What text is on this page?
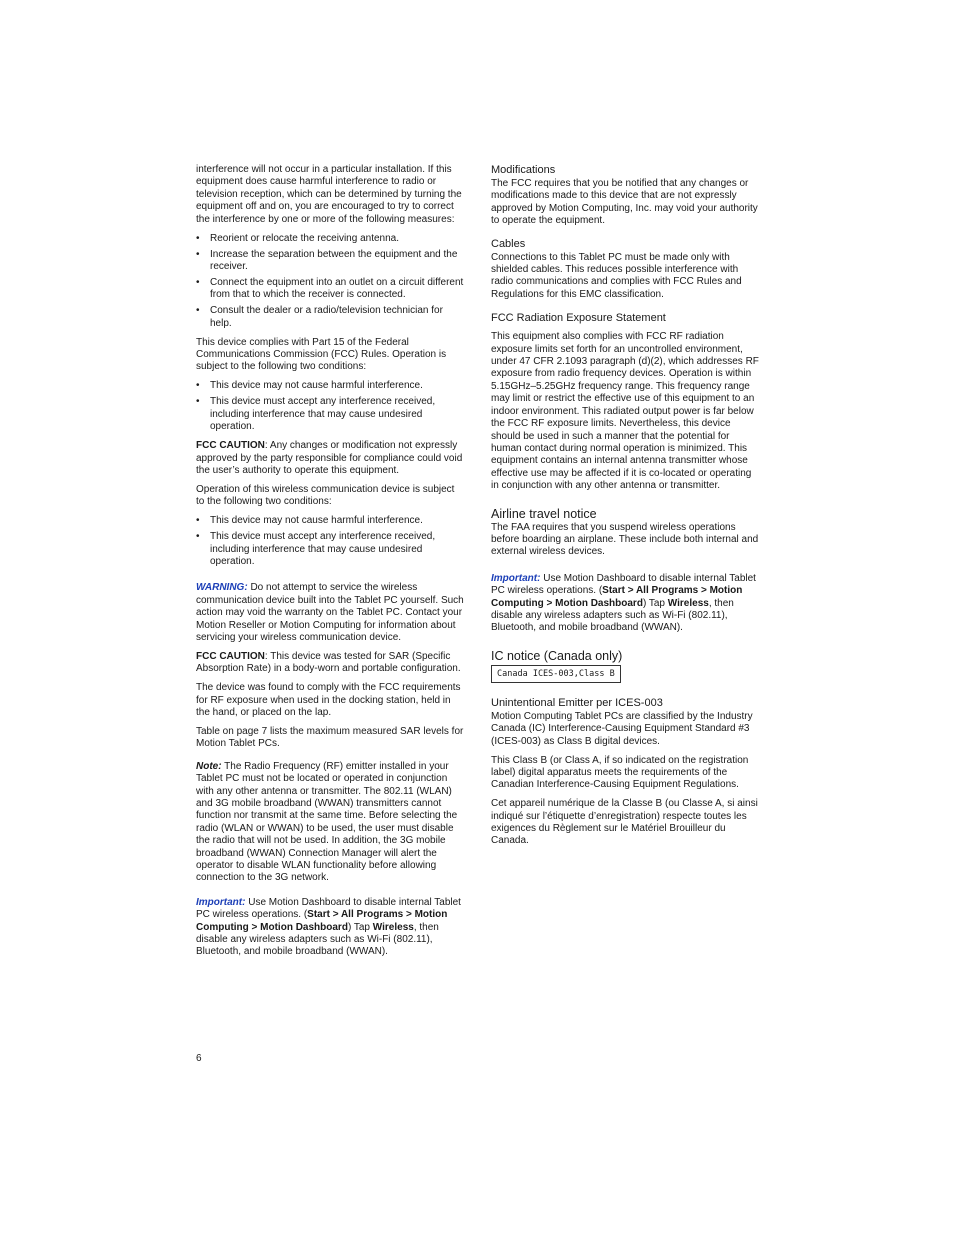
interference will not occur in a particular installation. If this equipment does cause harmful interference to radio or television reception, which can be determined by turning the equipment off and on, you are encouraged to try to correct the interference by one or more of the following measures:

• Reorient or relocate the receiving antenna.
• Increase the separation between the equipment and the receiver.
• Connect the equipment into an outlet on a circuit different from that to which the receiver is connected.
• Consult the dealer or a radio/television technician for help.

This device complies with Part 15 of the Federal Communications Commission (FCC) Rules. Operation is subject to the following two conditions:

• This device may not cause harmful interference.
• This device must accept any interference received, including interference that may cause undesired operation.

FCC CAUTION: Any changes or modification not expressly approved by the party responsible for compliance could void the user’s authority to operate this equipment.

Operation of this wireless communication device is subject to the following two conditions:

• This device may not cause harmful interference.
• This device must accept any interference received, including interference that may cause undesired operation.

WARNING: Do not attempt to service the wireless communication device built into the Tablet PC yourself. Such action may void the warranty on the Tablet PC. Contact your Motion Reseller or Motion Computing for information about servicing your wireless communication device.

FCC CAUTION: This device was tested for SAR (Specific Absorption Rate) in a body-worn and portable configuration.

The device was found to comply with the FCC requirements for RF exposure when used in the docking station, held in the hand, or placed on the lap.

Table on page 7 lists the maximum measured SAR levels for Motion Tablet PCs.

Note: The Radio Frequency (RF) emitter installed in your Tablet PC must not be located or operated in conjunction with any other antenna or transmitter. The 802.11 (WLAN) and 3G mobile broadband (WWAN) transmitters cannot function nor transmit at the same time. Before selecting the radio (WLAN or WWAN) to be used, the user must disable the radio that will not be used. In addition, the 3G mobile broadband (WWAN) Connection Manager will alert the operator to disable WLAN functionality before allowing connection to the 3G network.

Important: Use Motion Dashboard to disable internal Tablet PC wireless operations. (Start > All Programs > Motion Computing > Motion Dashboard) Tap Wireless, then disable any wireless adapters such as Wi-Fi (802.11), Bluetooth, and mobile broadband (WWAN).

Modifications

The FCC requires that you be notified that any changes or modifications made to this device that are not expressly approved by Motion Computing, Inc. may void your authority to operate the equipment.

Cables

Connections to this Tablet PC must be made only with shielded cables. This reduces possible interference with radio communications and complies with FCC Rules and Regulations for this EMC classification.

FCC Radiation Exposure Statement

This equipment also complies with FCC RF radiation exposure limits set forth for an uncontrolled environment, under 47 CFR 2.1093 paragraph (d)(2), which addresses RF exposure from radio frequency devices. Operation is within 5.15GHz–5.25GHz frequency range. This frequency range may limit or restrict the effective use of this equipment to an indoor environment. This radiated output power is far below the FCC RF exposure limits. Nevertheless, this device should be used in such a manner that the potential for human contact during normal operation is minimized. This equipment contains an internal antenna transmitter whose effective use may be affected if it is co-located or operating in conjunction with any other antenna or transmitter.

Airline travel notice

The FAA requires that you suspend wireless operations before boarding an airplane. These include both internal and external wireless devices.

Important: Use Motion Dashboard to disable internal Tablet PC wireless operations. (Start > All Programs > Motion Computing > Motion Dashboard) Tap Wireless, then disable any wireless adapters such as Wi-Fi (802.11), Bluetooth, and mobile broadband (WWAN).

IC notice (Canada only)
Canada ICES-003,Class B
Unintentional Emitter per ICES-003

Motion Computing Tablet PCs are classified by the Industry Canada (IC) Interference-Causing Equipment Standard #3 (ICES-003) as Class B digital devices.

This Class B (or Class A, if so indicated on the registration label) digital apparatus meets the requirements of the Canadian Interference-Causing Equipment Regulations.

Cet appareil numérique de la Classe B (ou Classe A, si ainsi indiqué sur l’étiquette d’enregistration) respecte toutes les exigences du Règlement sur le Matériel Brouilleur du Canada.

6
